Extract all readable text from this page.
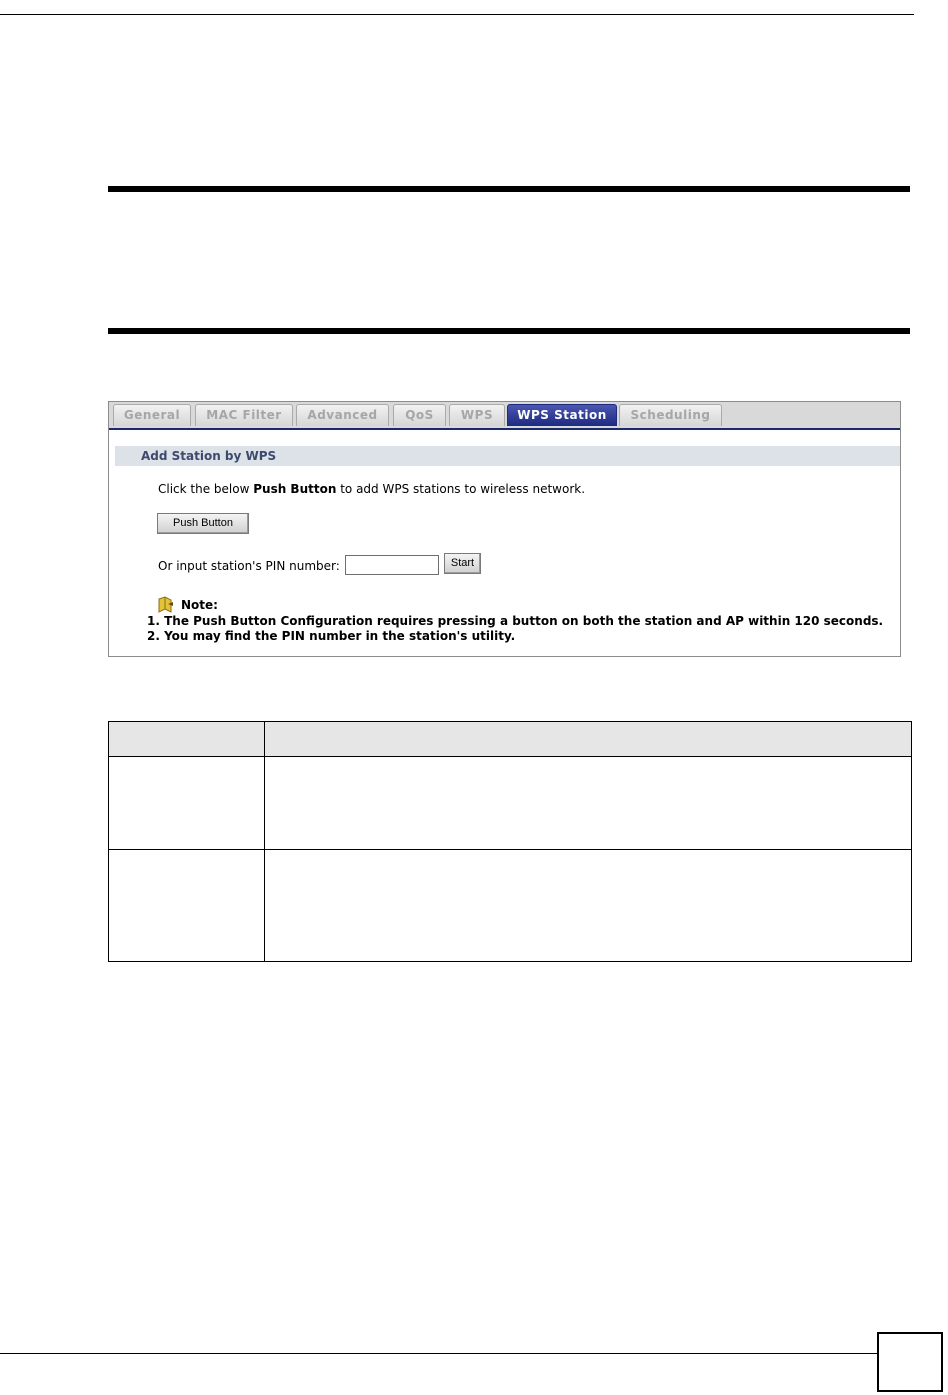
General	MAC Filter	Advanced	QoS	WPS	WPS Station	Scheduling
Add Station by WPS
Click the below Push Button to add WPS stations to wireless network.
Push Button
Or input station's PIN number:	Start
Note:
1. The Push Button Configuration requires pressing a button on both the station and AP within 120 seconds.
2. You may find the PIN number in the station's utility.
